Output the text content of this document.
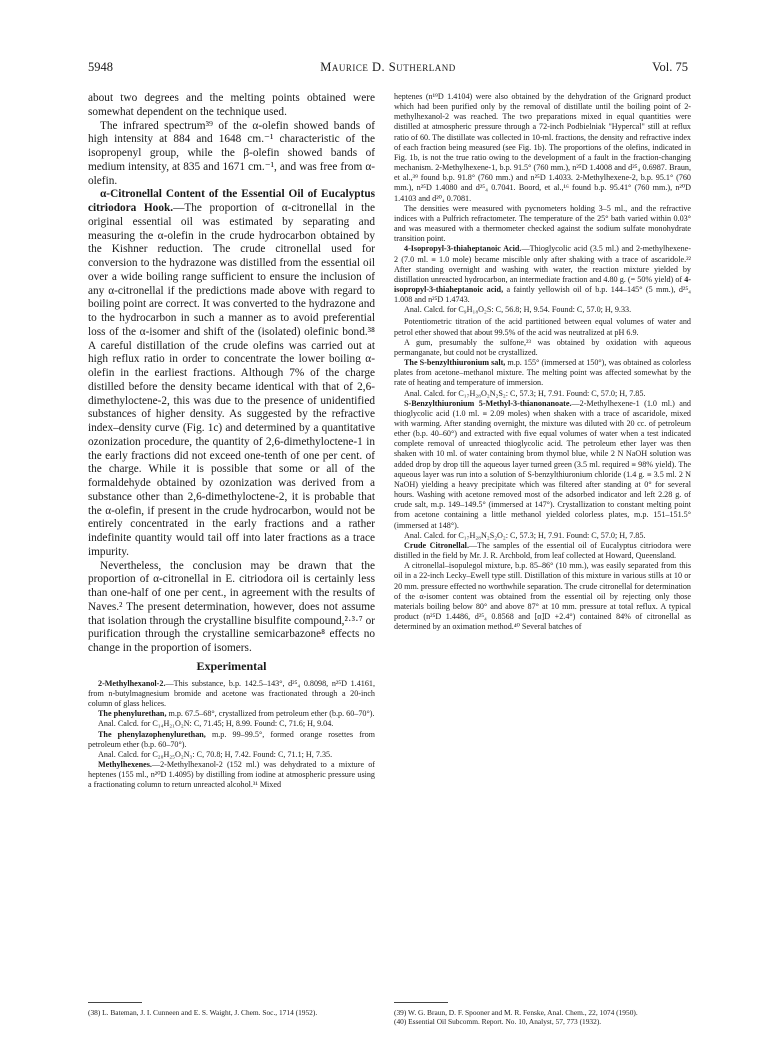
5948	Maurice D. Sutherland	Vol. 75

about two degrees and the melting points obtained were somewhat dependent on the technique used.

The infrared spectrum³⁹ of the α-olefin showed bands of high intensity at 884 and 1648 cm.⁻¹ characteristic of the isopropenyl group, while the β-olefin showed bands of medium intensity, at 835 and 1671 cm.⁻¹, and was free from α-olefin.

α-Citronellal Content of the Essential Oil of Eucalyptus citriodora Hook.—The proportion of α-citronellal in the original essential oil was estimated by separating and measuring the α-olefin in the crude hydrocarbon obtained by the Kishner reduction. The crude citronellal used for conversion to the hydrazone was distilled from the essential oil over a wide boiling range sufficient to ensure the inclusion of any α-citronellal if the predictions made above with regard to boiling point are correct. It was converted to the hydrazone and to the hydrocarbon in such a manner as to avoid preferential loss of the α-isomer and shift of the (isolated) olefinic bond.³⁸ A careful distillation of the crude olefins was carried out at high reflux ratio in order to concentrate the lower boiling α-olefin in the earliest fractions. Although 7% of the charge distilled before the density became identical with that of 2,6-dimethyloctene-2, this was due to the presence of unidentified substances of higher density. As suggested by the refractive index–density curve (Fig. 1c) and determined by a quantitative ozonization procedure, the quantity of 2,6-dimethyloctene-1 in the early fractions did not exceed one-tenth of one per cent. of the charge. While it is possible that some or all of the formaldehyde obtained by ozonization was derived from a substance other than 2,6-dimethyloctene-2, it is probable that the α-olefin, if present in the crude hydrocarbon, would not be entirely concentrated in the early fractions and a rather indefinite quantity would tail off into later fractions as a trace impurity.

Nevertheless, the conclusion may be drawn that the proportion of α-citronellal in E. citriodora oil is certainly less than one-half of one per cent., in agreement with the results of Naves.² The present determination, however, does not assume that isolation through the crystalline bisulfite compound,²·³·⁷ or purification through the crystalline semicarbazone⁸ effects no change in the proportion of isomers.

Experimental

2-Methylhexanol-2.—This substance, b.p. 142.5–143°, d²⁵₄ 0.8098, n²⁵D 1.4161, from n-butylmagnesium bromide and acetone was fractionated through a 20-inch column of glass helices.

The phenylurethan, m.p. 67.5–68°, crystallized from petroleum ether (b.p. 60–70°).

Anal. Calcd. for C₁₄H₂₁O₂N: C, 71.45; H, 8.99. Found: C, 71.6; H, 9.04.

The phenylazophenylurethan, m.p. 99–99.5°, formed orange rosettes from petroleum ether (b.p. 60–70°).

Anal. Calcd. for C₂₀H₂₅O₂N₃: C, 70.8; H, 7.42. Found: C, 71.1; H, 7.35.

Methylhexenes.—2-Methylhexanol-2 (152 ml.) was dehydrated to a mixture of heptenes (155 ml., n²⁰D 1.4095) by distilling from iodine at atmospheric pressure using a fractionating column to return unreacted alcohol.³¹ Mixed

heptenes (n¹⁹D 1.4104) were also obtained by the dehydration of the Grignard product which had been purified only by the removal of distillate until the boiling point of 2-methylhexanol-2 was reached. The two preparations mixed in equal quantities were distilled at atmospheric pressure through a 72-inch Podbielniak "Hypercal" still at reflux ratio of 60. The distillate was collected in 10-ml. fractions, the density and refractive index of each fraction being measured (see Fig. 1b). The proportions of the olefins, indicated in Fig. 1b, is not the true ratio owing to the development of a fault in the fraction-changing mechanism. 2-Methylhexene-1, b.p. 91.5° (760 mm.), n²⁵D 1.4008 and d²⁵₄ 0.6987. Braun, et al.,³⁹ found b.p. 91.8° (760 mm.) and n²⁵D 1.4033. 2-Methylhexene-2, b.p. 95.1° (760 mm.), n²⁵D 1.4080 and d²⁵₄ 0.7041. Boord, et al.,¹⁶ found b.p. 95.41° (760 mm.), n²⁰D 1.4103 and d²⁰₄ 0.7081.

The densities were measured with pycnometers holding 3–5 ml., and the refractive indices with a Pulfrich refractometer. The temperature of the 25° bath varied within 0.03° and was measured with a thermometer checked against the sodium sulfate monohydrate transition point.

4-Isopropyl-3-thiaheptanoic Acid.—Thioglycolic acid (3.5 ml.) and 2-methylhexene-2 (7.0 ml. ≡ 1.0 mole) became miscible only after shaking with a trace of ascaridole.²² After standing overnight and washing with water, the reaction mixture yielded by distillation unreacted hydrocarbon, an intermediate fraction and 4.80 g. (= 50% yield) of 4-isopropyl-3-thiaheptanoic acid, a faintly yellowish oil of b.p. 144–145° (5 mm.), d²⁵₄ 1.008 and n²⁵D 1.4743.

Anal. Calcd. for C₉H₁₈O₂S: C, 56.8; H, 9.54. Found: C, 57.0; H, 9.33.

Potentiometric titration of the acid partitioned between equal volumes of water and petrol ether showed that about 99.5% of the acid was neutralized at pH 6.9.

A gum, presumably the sulfone,²³ was obtained by oxidation with aqueous permanganate, but could not be crystallized.

The S-benzylthiuronium salt, m.p. 155° (immersed at 150°), was obtained as colorless plates from acetone–methanol mixture. The melting point was affected somewhat by the rate of heating and temperature of immersion.

Anal. Calcd. for C₁₇H₂₈O₂N₂S₂: C, 57.3; H, 7.91. Found: C, 57.0; H, 7.85.

S-Benzylthiuronium 5-Methyl-3-thianonanoate.—2-Methylhexene-1 (1.0 ml.) and thioglycolic acid (1.0 ml. ≡ 2.09 moles) when shaken with a trace of ascaridole, mixed with warming. After standing overnight, the mixture was diluted with 20 cc. of petroleum ether (b.p. 40–60°) and extracted with five equal volumes of water when a test indicated complete removal of unreacted thioglycolic acid. The petroleum ether layer was then shaken with 10 ml. of water containing brom thymol blue, while 2 N NaOH solution was added drop by drop till the aqueous layer turned green (3.5 ml. required ≡ 98% yield). The aqueous layer was run into a solution of S-benzylthiuronium chloride (1.4 g. ≡ 3.5 ml. 2 N NaOH) yielding a heavy precipitate which was filtered after standing at 0° for several hours. Washing with acetone removed most of the adsorbed indicator and left 2.28 g. of crude salt, m.p. 149–149.5° (immersed at 147°). Crystallization to constant melting point from acetone containing a little methanol yielded colorless plates, m.p. 151–151.5° (immersed at 148°).

Anal. Calcd. for C₁₇H₂₈N₂S₂O₂: C, 57.3; H, 7.91. Found: C, 57.0; H, 7.85.

Crude Citronellal.—The samples of the essential oil of Eucalyptus citriodora were distilled in the field by Mr. J. R. Archbold, from leaf collected at Howard, Queensland.

A citronellal–isopulegol mixture, b.p. 85–86° (10 mm.), was easily separated from this oil in a 22-inch Lecky–Ewell type still. Distillation of this mixture in various stills at 10 or 20 mm. pressure effected no worthwhile separation. The crude citronellal for determination of the α-isomer content was obtained from the essential oil by rejecting only those materials boiling below 80° and above 87° at 10 mm. pressure at total reflux. A typical product (n²⁵D 1.4486, d²⁵₄ 0.8568 and [α]D +2.4°) contained 84% of citronellal as determined by an oximation method.⁴⁰ Several batches of

(38) L. Bateman, J. I. Cunneen and E. S. Waight, J. Chem. Soc., 1714 (1952).	(39) W. G. Braun, D. F. Spooner and M. R. Fenske, Anal. Chem., 22, 1074 (1950).
(40) Essential Oil Subcomm. Report. No. 10, Analyst, 57, 773 (1932).
